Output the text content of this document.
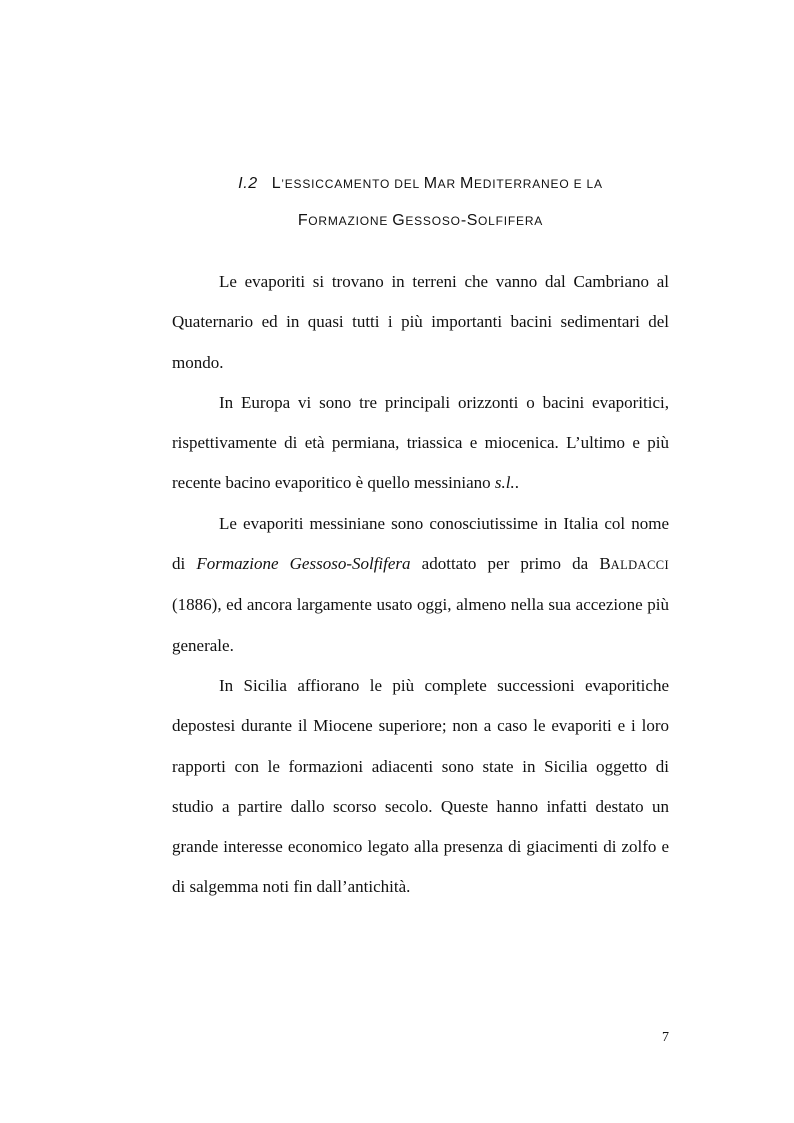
I.2 L’ESSICCAMENTO DEL MAR MEDITERRANEO E LA
FORMAZIONE GESSOSO-SOLFIFERA

Le evaporiti si trovano in terreni che vanno dal Cambriano al Quaternario ed in quasi tutti i più importanti bacini sedimentari del mondo.

In Europa vi sono tre principali orizzonti o bacini evaporitici, rispettivamente di età permiana, triassica e miocenica. L’ultimo e più recente bacino evaporitico è quello messiniano s.l..

Le evaporiti messiniane sono conosciutissime in Italia col nome di Formazione Gessoso-Solfifera adottato per primo da BALDACCI (1886), ed ancora largamente usato oggi, almeno nella sua accezione più generale.

In Sicilia affiorano le più complete successioni evaporitiche depostesi durante il Miocene superiore; non a caso le evaporiti e i loro rapporti con le formazioni adiacenti sono state in Sicilia oggetto di studio a partire dallo scorso secolo. Queste hanno infatti destato un grande interesse economico legato alla presenza di giacimenti di zolfo e di salgemma noti fin dall’antichità.

7
